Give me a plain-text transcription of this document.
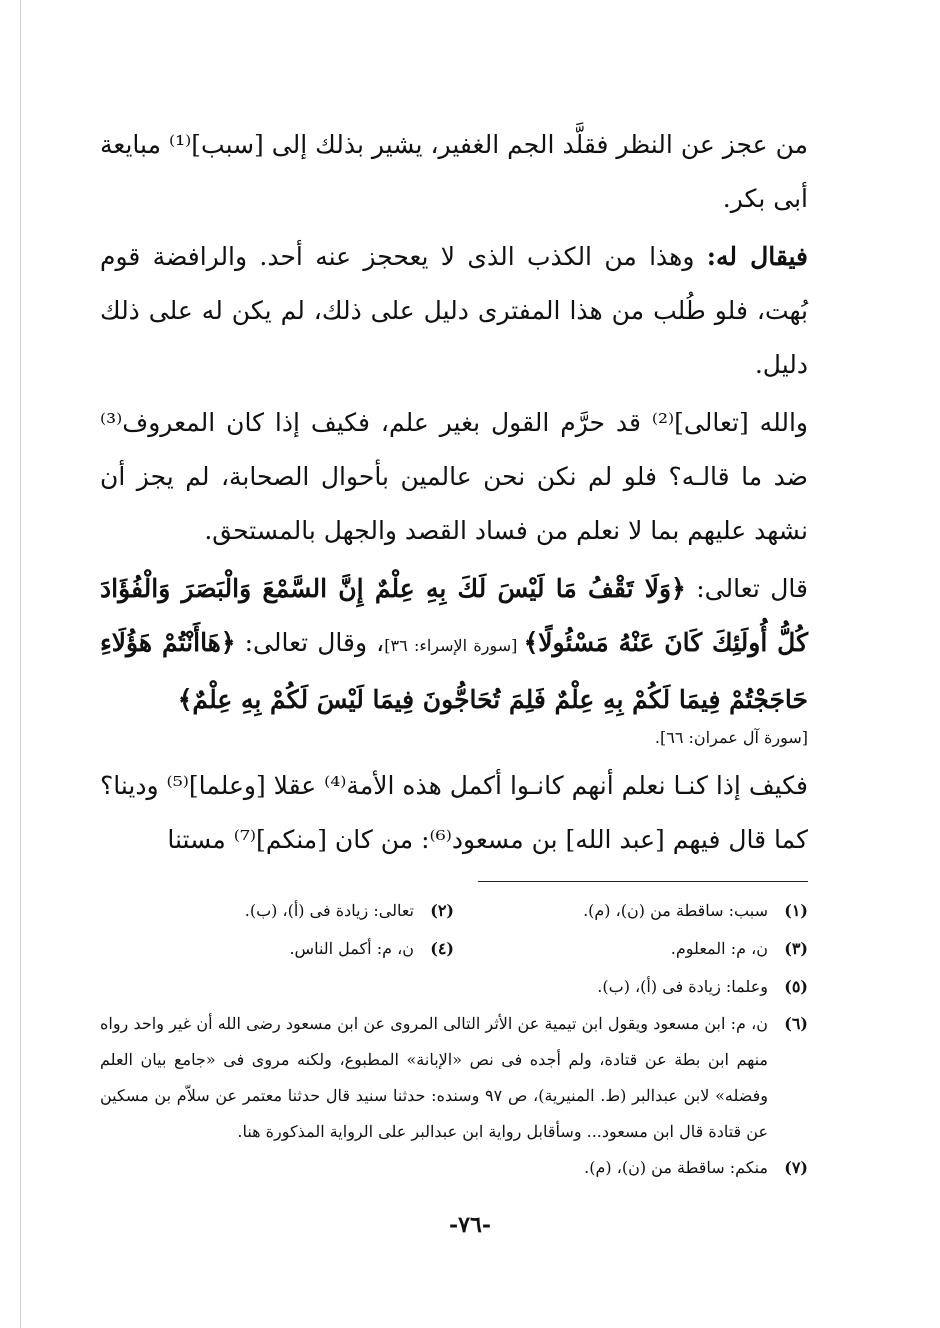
من عجز عن النظر فقلَّد الجم الغفير، يشير بذلك إلى [سبب]⁽¹⁾ مبايعة أبى بكر.

فيقال له: وهذا من الكذب الذى لا يعحجز عنه أحد. والرافضة قوم بُهت، فلو طُلب من هذا المفترى دليل على ذلك، لم يكن له على ذلك دليل.

والله [تعالى]⁽²⁾ قد حرَّم القول بغير علم، فكيف إذا كان المعروف⁽³⁾ ضد ما قالـه؟ فلو لم نكن نحن عالمين بأحوال الصحابة، لم يجز أن نشهد عليهم بما لا نعلم من فساد القصد والجهل بالمستحق.

قال تعالى: ﴿وَلَا تَقْفُ مَا لَيْسَ لَكَ بِهِ عِلْمٌ إِنَّ السَّمْعَ وَالْبَصَرَ وَالْفُؤَادَ كُلُّ أُولَئِكَ كَانَ عَنْهُ مَسْئُولًا﴾ [سورة الإسراء: ٣٦]، وقال تعالى: ﴿هَاأَنْتُمْ هَؤُلَاءِ حَاجَجْتُمْ فِيمَا لَكُمْ بِهِ عِلْمٌ فَلِمَ تُحَاجُّونَ فِيمَا لَيْسَ لَكُمْ بِهِ عِلْمٌ﴾

[سورة آل عمران: ٦٦].

فكيف إذا كنـا نعلم أنهم كانـوا أكمل هذه الأمة⁽⁴⁾ عقلا [وعلما]⁽⁵⁾ ودينا؟ كما قال فيهم [عبد الله] بن مسعود⁽⁶⁾: من كان [منكم]⁽⁷⁾ مستنا

(١)
سبب: ساقطة من (ن)، (م).
(٢)
تعالى: زيادة فى (أ)، (ب).
(٣)
ن، م: المعلوم.
(٤)
ن، م: أكمل الناس.
(٥)
وعلما: زيادة فى (أ)، (ب).
(٦)
ن، م: ابن مسعود ويقول ابن تيمية عن الأثر التالى المروى عن ابن مسعود رضى الله أن غير واحد رواه منهم ابن بطة عن قتادة، ولم أجده فى نص «الإبانة» المطبوع، ولكنه مروى فى «جامع بيان العلم وفضله» لابن عبدالبر (ط. المنيرية)، ص ٩٧ وسنده: حدثنا سنيد قال حدثنا معتمر عن سلاّم بن مسكين عن قتادة قال ابن مسعود... وسأقابل رواية ابن عبدالبر على الرواية المذكورة هنا.
(٧)
منكم: ساقطة من (ن)، (م).
-٧٦-
